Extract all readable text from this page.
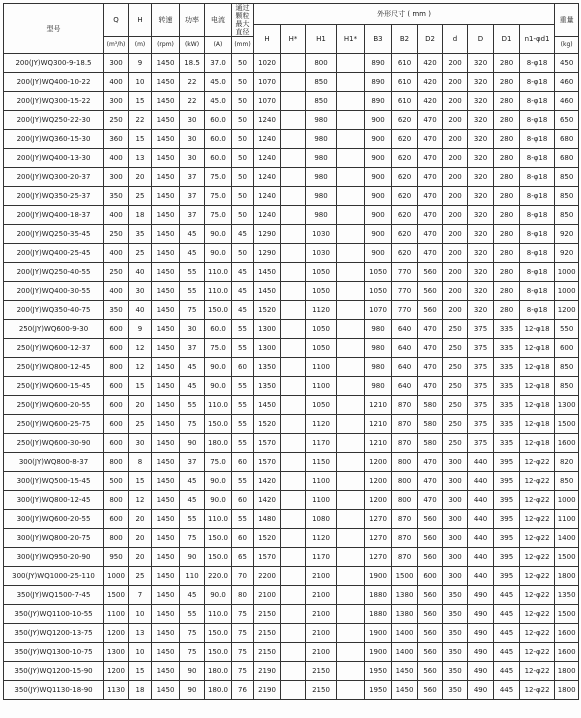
型号	Q	H	转速	功率	电流	通过
颗粒
最大
直径	外形尺寸 ( mm )											重量
							H	H*	H1	H1*	B3	B2	D2	d	D	D1	n1-φd1	
	(m³/h)	(m)	(rpm)	(kW)	(A)	(mm)												(kg)
200(JY)WQ300-9-18.5	300	9	1450	18.5	37.0	50	1020		800		890	610	420	200	320	280	8-φ18	450
200(JY)WQ400-10-22	400	10	1450	22	45.0	50	1070		850		890	610	420	200	320	280	8-φ18	460
200(JY)WQ300-15-22	300	15	1450	22	45.0	50	1070		850		890	610	420	200	320	280	8-φ18	460
200(JY)WQ250-22-30	250	22	1450	30	60.0	50	1240		980		900	620	470	200	320	280	8-φ18	650
200(JY)WQ360-15-30	360	15	1450	30	60.0	50	1240		980		900	620	470	200	320	280	8-φ18	680
200(JY)WQ400-13-30	400	13	1450	30	60.0	50	1240		980		900	620	470	200	320	280	8-φ18	680
200(JY)WQ300-20-37	300	20	1450	37	75.0	50	1240		980		900	620	470	200	320	280	8-φ18	850
200(JY)WQ350-25-37	350	25	1450	37	75.0	50	1240		980		900	620	470	200	320	280	8-φ18	850
200(JY)WQ400-18-37	400	18	1450	37	75.0	50	1240		980		900	620	470	200	320	280	8-φ18	850
200(JY)WQ250-35-45	250	35	1450	45	90.0	45	1290		1030		900	620	470	200	320	280	8-φ18	920
200(JY)WQ400-25-45	400	25	1450	45	90.0	50	1290		1030		900	620	470	200	320	280	8-φ18	920
200(JY)WQ250-40-55	250	40	1450	55	110.0	45	1450		1050		1050	770	560	200	320	280	8-φ18	1000
200(JY)WQ400-30-55	400	30	1450	55	110.0	45	1450		1050		1050	770	560	200	320	280	8-φ18	1000
200(JY)WQ350-40-75	350	40	1450	75	150.0	45	1520		1120		1070	770	560	200	320	280	8-φ18	1200
250(JY)WQ600-9-30	600	9	1450	30	60.0	55	1300		1050		980	640	470	250	375	335	12-φ18	550
250(JY)WQ600-12-37	600	12	1450	37	75.0	55	1300		1050		980	640	470	250	375	335	12-φ18	600
250(JY)WQ800-12-45	800	12	1450	45	90.0	60	1350		1100		980	640	470	250	375	335	12-φ18	850
250(JY)WQ600-15-45	600	15	1450	45	90.0	55	1350		1100		980	640	470	250	375	335	12-φ18	850
250(JY)WQ600-20-55	600	20	1450	55	110.0	55	1450		1050		1210	870	580	250	375	335	12-φ18	1300
250(JY)WQ600-25-75	600	25	1450	75	150.0	55	1520		1120		1210	870	580	250	375	335	12-φ18	1500
250(JY)WQ600-30-90	600	30	1450	90	180.0	55	1570		1170		1210	870	580	250	375	335	12-φ18	1600
300(JY)WQ800-8-37	800	8	1450	37	75.0	60	1570		1150		1200	800	470	300	440	395	12-φ22	820
300(JY)WQ500-15-45	500	15	1450	45	90.0	55	1420		1100		1200	800	470	300	440	395	12-φ22	850
300(JY)WQ800-12-45	800	12	1450	45	90.0	60	1420		1100		1200	800	470	300	440	395	12-φ22	1000
300(JY)WQ600-20-55	600	20	1450	55	110.0	55	1480		1080		1270	870	560	300	440	395	12-φ22	1100
300(JY)WQ800-20-75	800	20	1450	75	150.0	60	1520		1120		1270	870	560	300	440	395	12-φ22	1400
300(JY)WQ950-20-90	950	20	1450	90	150.0	65	1570		1170		1270	870	560	300	440	395	12-φ22	1500
300(JY)WQ1000-25-110	1000	25	1450	110	220.0	70	2200		2100		1900	1500	600	300	440	395	12-φ22	1800
350(JY)WQ1500-7-45	1500	7	1450	45	90.0	80	2100		2100		1880	1380	560	350	490	445	12-φ22	1350
350(JY)WQ1100-10-55	1100	10	1450	55	110.0	75	2150		2100		1880	1380	560	350	490	445	12-φ22	1500
350(JY)WQ1200-13-75	1200	13	1450	75	150.0	75	2150		2100		1900	1400	560	350	490	445	12-φ22	1600
350(JY)WQ1300-10-75	1300	10	1450	75	150.0	75	2150		2100		1900	1400	560	350	490	445	12-φ22	1600
350(JY)WQ1200-15-90	1200	15	1450	90	180.0	75	2190		2150		1950	1450	560	350	490	445	12-φ22	1800
350(JY)WQ1130-18-90	1130	18	1450	90	180.0	76	2190		2150		1950	1450	560	350	490	445	12-φ22	1800
